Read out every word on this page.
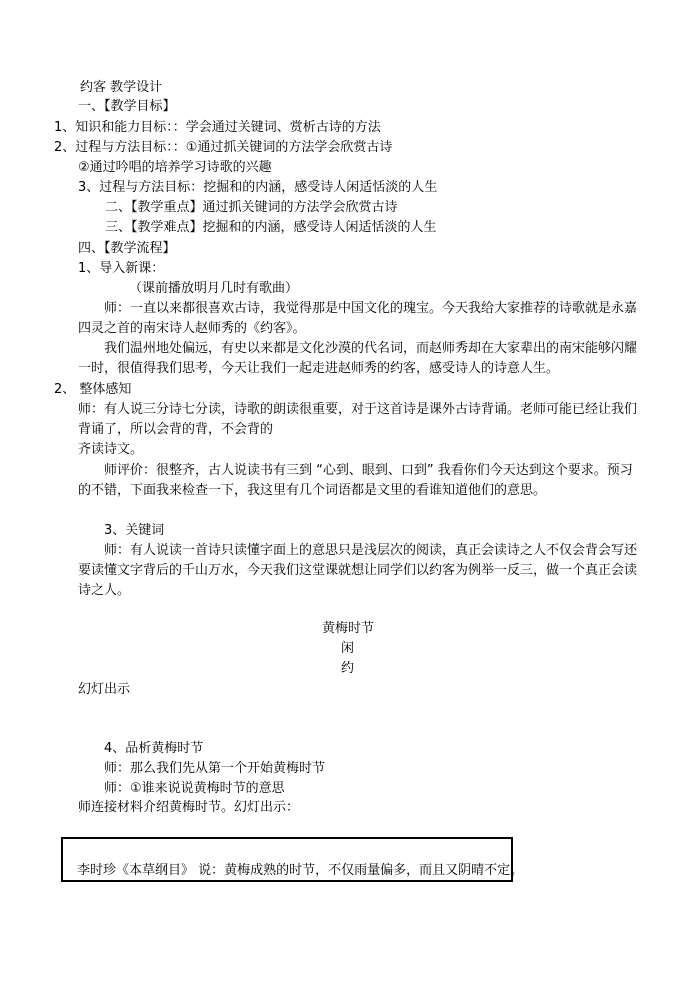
约客 教学设计
一、【教学目标】
1、知识和能力目标：：学会通过关键词、赏析古诗的方法
2、过程与方法目标：：①通过抓关键词的方法学会欣赏古诗
②通过吟唱的培养学习诗歌的兴趣
3、过程与方法目标：挖掘和的内涵，感受诗人闲适恬淡的人生
二、【教学重点】通过抓关键词的方法学会欣赏古诗
三、【教学难点】挖掘和的内涵，感受诗人闲适恬淡的人生
四、【教学流程】
1、导入新课：
（课前播放明月几时有歌曲）
师：一直以来都很喜欢古诗，我觉得那是中国文化的瑰宝。今天我给大家推荐的诗歌就是永嘉
四灵之首的南宋诗人赵师秀的《约客》。
我们温州地处偏远，有史以来都是文化沙漠的代名词，而赵师秀却在大家辈出的南宋能够闪耀
一时，很值得我们思考，今天让我们一起走进赵师秀的约客，感受诗人的诗意人生。
2、 整体感知
师：有人说三分诗七分读，诗歌的朗读很重要，对于这首诗是课外古诗背诵。老师可能已经让我们
背诵了，所以会背的背，不会背的
齐读诗文。
师评价：很整齐，古人说读书有三到 “心到、眼到、口到” 我看你们今天达到这个要求。预习
的不错，下面我来检查一下，我这里有几个词语都是文里的看谁知道他们的意思。
3、关键词
师：有人说读一首诗只读懂字面上的意思只是浅层次的阅读，真正会读诗之人不仅会背会写还
要读懂文字背后的千山万水，今天我们这堂课就想让同学们以约客为例举一反三，做一个真正会读
诗之人。
黄梅时节
闲
约
幻灯出示
4、品析黄梅时节
师：那么我们先从第一个开始黄梅时节
师：①谁来说说黄梅时节的意思
师连接材料介绍黄梅时节。幻灯出示：
李时珍《本草纲目》 说：黄梅成熟的时节，不仅雨量偏多，而且又阴晴不定。
